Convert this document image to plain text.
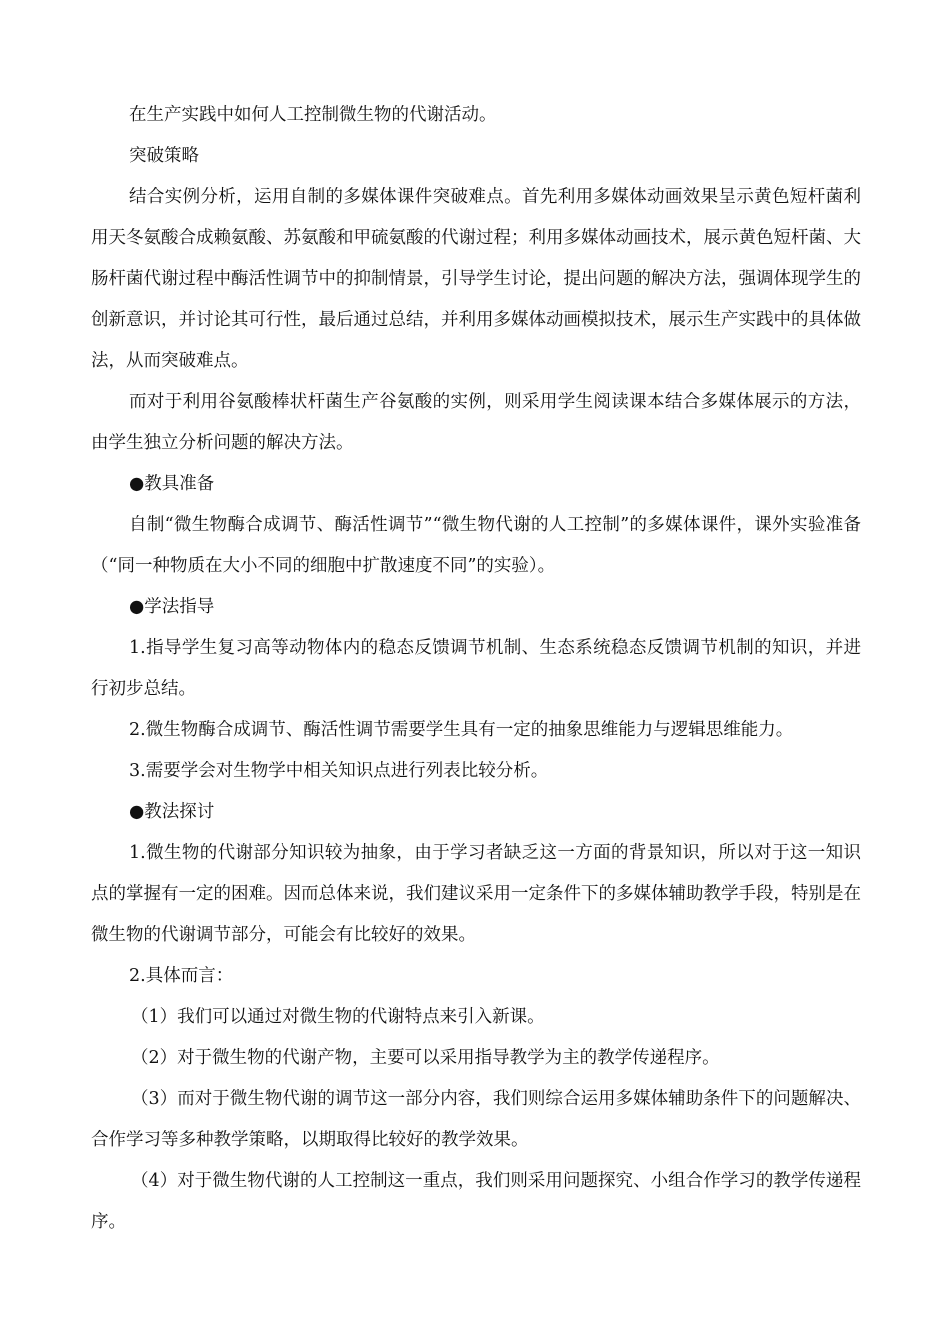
在生产实践中如何人工控制微生物的代谢活动。

突破策略

结合实例分析，运用自制的多媒体课件突破难点。首先利用多媒体动画效果呈示黄色短杆菌利用天冬氨酸合成赖氨酸、苏氨酸和甲硫氨酸的代谢过程；利用多媒体动画技术，展示黄色短杆菌、大肠杆菌代谢过程中酶活性调节中的抑制情景，引导学生讨论，提出问题的解决方法，强调体现学生的创新意识，并讨论其可行性，最后通过总结，并利用多媒体动画模拟技术，展示生产实践中的具体做法，从而突破难点。

而对于利用谷氨酸棒状杆菌生产谷氨酸的实例，则采用学生阅读课本结合多媒体展示的方法，由学生独立分析问题的解决方法。

●教具准备

自制“微生物酶合成调节、酶活性调节”“微生物代谢的人工控制”的多媒体课件，课外实验准备（“同一种物质在大小不同的细胞中扩散速度不同”的实验）。

●学法指导

1.指导学生复习高等动物体内的稳态反馈调节机制、生态系统稳态反馈调节机制的知识，并进行初步总结。

2.微生物酶合成调节、酶活性调节需要学生具有一定的抽象思维能力与逻辑思维能力。

3.需要学会对生物学中相关知识点进行列表比较分析。

●教法探讨

1.微生物的代谢部分知识较为抽象，由于学习者缺乏这一方面的背景知识，所以对于这一知识点的掌握有一定的困难。因而总体来说，我们建议采用一定条件下的多媒体辅助教学手段，特别是在微生物的代谢调节部分，可能会有比较好的效果。

2.具体而言：

（1）我们可以通过对微生物的代谢特点来引入新课。

（2）对于微生物的代谢产物，主要可以采用指导教学为主的教学传递程序。

（3）而对于微生物代谢的调节这一部分内容，我们则综合运用多媒体辅助条件下的问题解决、合作学习等多种教学策略，以期取得比较好的教学效果。

（4）对于微生物代谢的人工控制这一重点，我们则采用问题探究、小组合作学习的教学传递程序。
